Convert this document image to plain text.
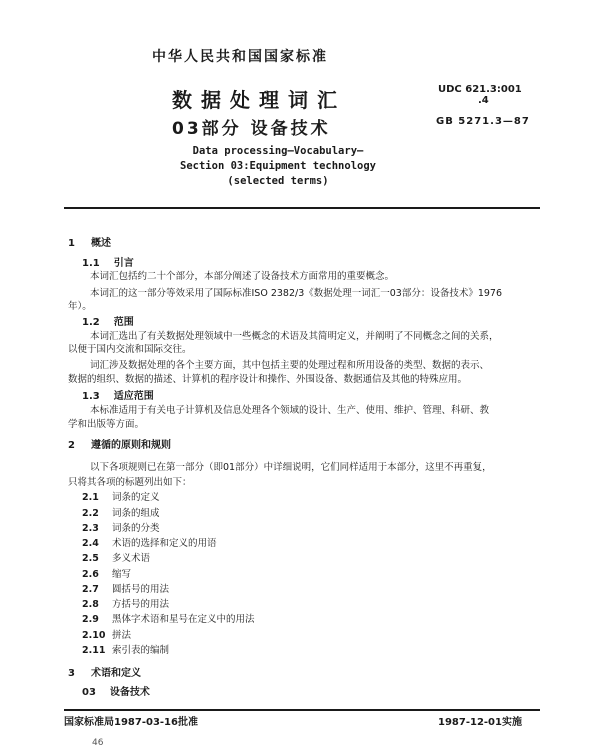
中华人民共和国国家标准
数据处理词汇
03部分 设备技术
UDC 621.3:001
.4
GB 5271.3—87
Data processing—Vocabulary—
Section 03:Equipment technology
(selected terms)
1 概述
1.1 引言
本词汇包括约二十个部分，本部分阐述了设备技术方面常用的重要概念。
本词汇的这一部分等效采用了国际标准ISO 2382/3《数据处理一词汇一03部分：设备技术》1976
年）。
1.2 范围
本词汇选出了有关数据处理领域中一些概念的术语及其简明定义，并阐明了不同概念之间的关系，
以便于国内交流和国际交往。
词汇涉及数据处理的各个主要方面，其中包括主要的处理过程和所用设备的类型、数据的表示、
数据的组织、数据的描述、计算机的程序设计和操作、外围设备、数据通信及其他的特殊应用。
1.3 适应范围
本标准适用于有关电子计算机及信息处理各个领域的设计、生产、使用、维护、管理、科研、教
学和出版等方面。
2 遵循的原则和规则
以下各项规则已在第一部分（即01部分）中详细说明，它们同样适用于本部分，这里不再重复，
只将其各项的标题列出如下：
2.1 词条的定义
2.2 词条的组成
2.3 词条的分类
2.4 术语的选择和定义的用语
2.5 多义术语
2.6 缩写
2.7 圆括号的用法
2.8 方括号的用法
2.9 黑体字术语和星号在定义中的用法
2.10 拼法
2.11 索引表的编制
3 术语和定义
03 设备技术
国家标准局1987-03-16批准	1987-12-01实施
46
